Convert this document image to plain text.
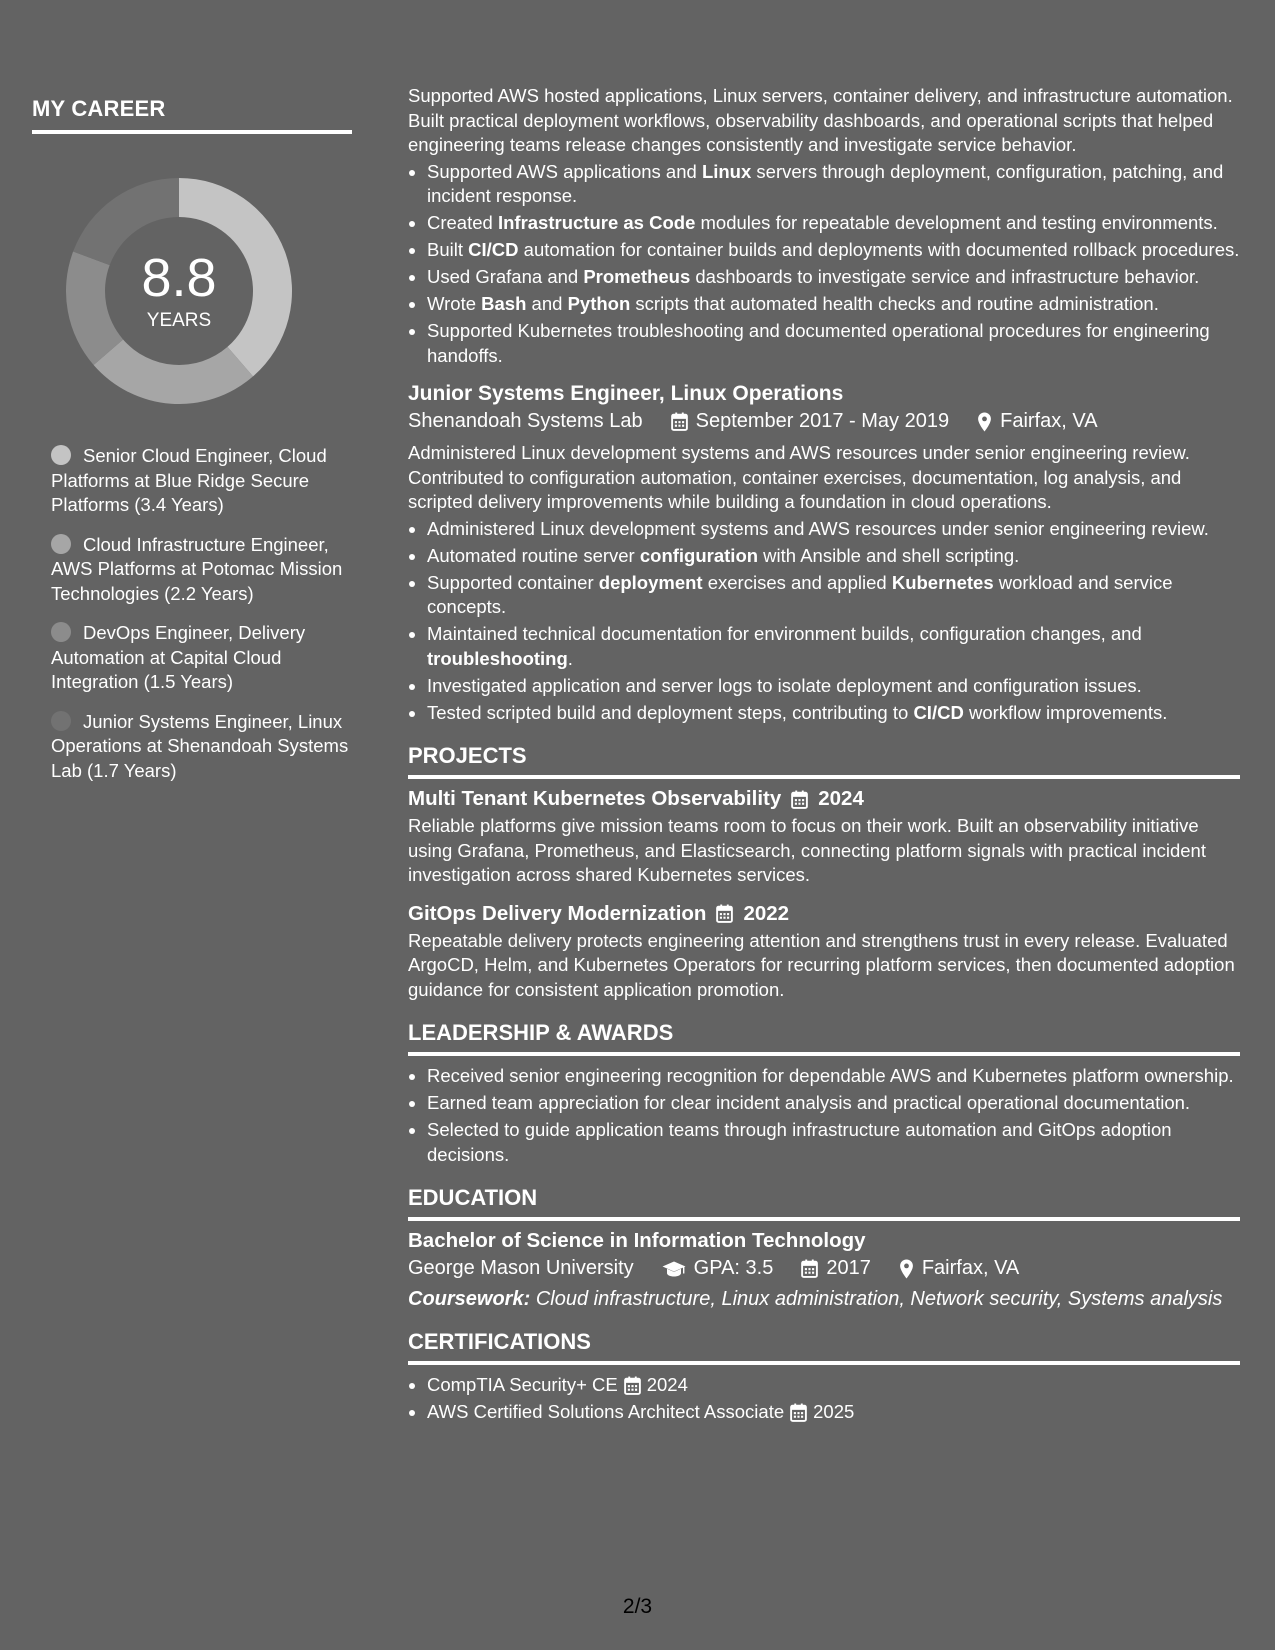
MY CAREER
8.8
YEARS
Senior Cloud Engineer, Cloud Platforms at Blue Ridge Secure Platforms (3.4 Years)
Cloud Infrastructure Engineer, AWS Platforms at Potomac Mission Technologies (2.2 Years)
DevOps Engineer, Delivery Automation at Capital Cloud Integration (1.5 Years)
Junior Systems Engineer, Linux Operations at Shenandoah Systems Lab (1.7 Years)

Supported AWS hosted applications, Linux servers, container delivery, and infrastructure automation. Built practical deployment workflows, observability dashboards, and operational scripts that helped engineering teams release changes consistently and investigate service behavior.

• Supported AWS applications and Linux servers through deployment, configuration, patching, and incident response.
• Created Infrastructure as Code modules for repeatable development and testing environments.
• Built CI/CD automation for container builds and deployments with documented rollback procedures.
• Used Grafana and Prometheus dashboards to investigate service and infrastructure behavior.
• Wrote Bash and Python scripts that automated health checks and routine administration.
• Supported Kubernetes troubleshooting and documented operational procedures for engineering handoffs.
Junior Systems Engineer, Linux Operations
Shenandoah Systems Lab	September 2017 - May 2019	Fairfax, VA

Administered Linux development systems and AWS resources under senior engineering review. Contributed to configuration automation, container exercises, documentation, log analysis, and scripted delivery improvements while building a foundation in cloud operations.

• Administered Linux development systems and AWS resources under senior engineering review.
• Automated routine server configuration with Ansible and shell scripting.
• Supported container deployment exercises and applied Kubernetes workload and service concepts.
• Maintained technical documentation for environment builds, configuration changes, and troubleshooting.
• Investigated application and server logs to isolate deployment and configuration issues.
• Tested scripted build and deployment steps, contributing to CI/CD workflow improvements.
PROJECTS
Multi Tenant Kubernetes Observability 2024

Reliable platforms give mission teams room to focus on their work. Built an observability initiative using Grafana, Prometheus, and Elasticsearch, connecting platform signals with practical incident investigation across shared Kubernetes services.

GitOps Delivery Modernization 2022

Repeatable delivery protects engineering attention and strengthens trust in every release. Evaluated ArgoCD, Helm, and Kubernetes Operators for recurring platform services, then documented adoption guidance for consistent application promotion.

LEADERSHIP & AWARDS
• Received senior engineering recognition for dependable AWS and Kubernetes platform ownership.
• Earned team appreciation for clear incident analysis and practical operational documentation.
• Selected to guide application teams through infrastructure automation and GitOps adoption decisions.
EDUCATION
Bachelor of Science in Information Technology
George Mason University	GPA: 3.5	2017	Fairfax, VA
Coursework: Cloud infrastructure, Linux administration, Network security, Systems analysis
CERTIFICATIONS
• CompTIA Security+ CE 2024
• AWS Certified Solutions Architect Associate 2025
2/3
